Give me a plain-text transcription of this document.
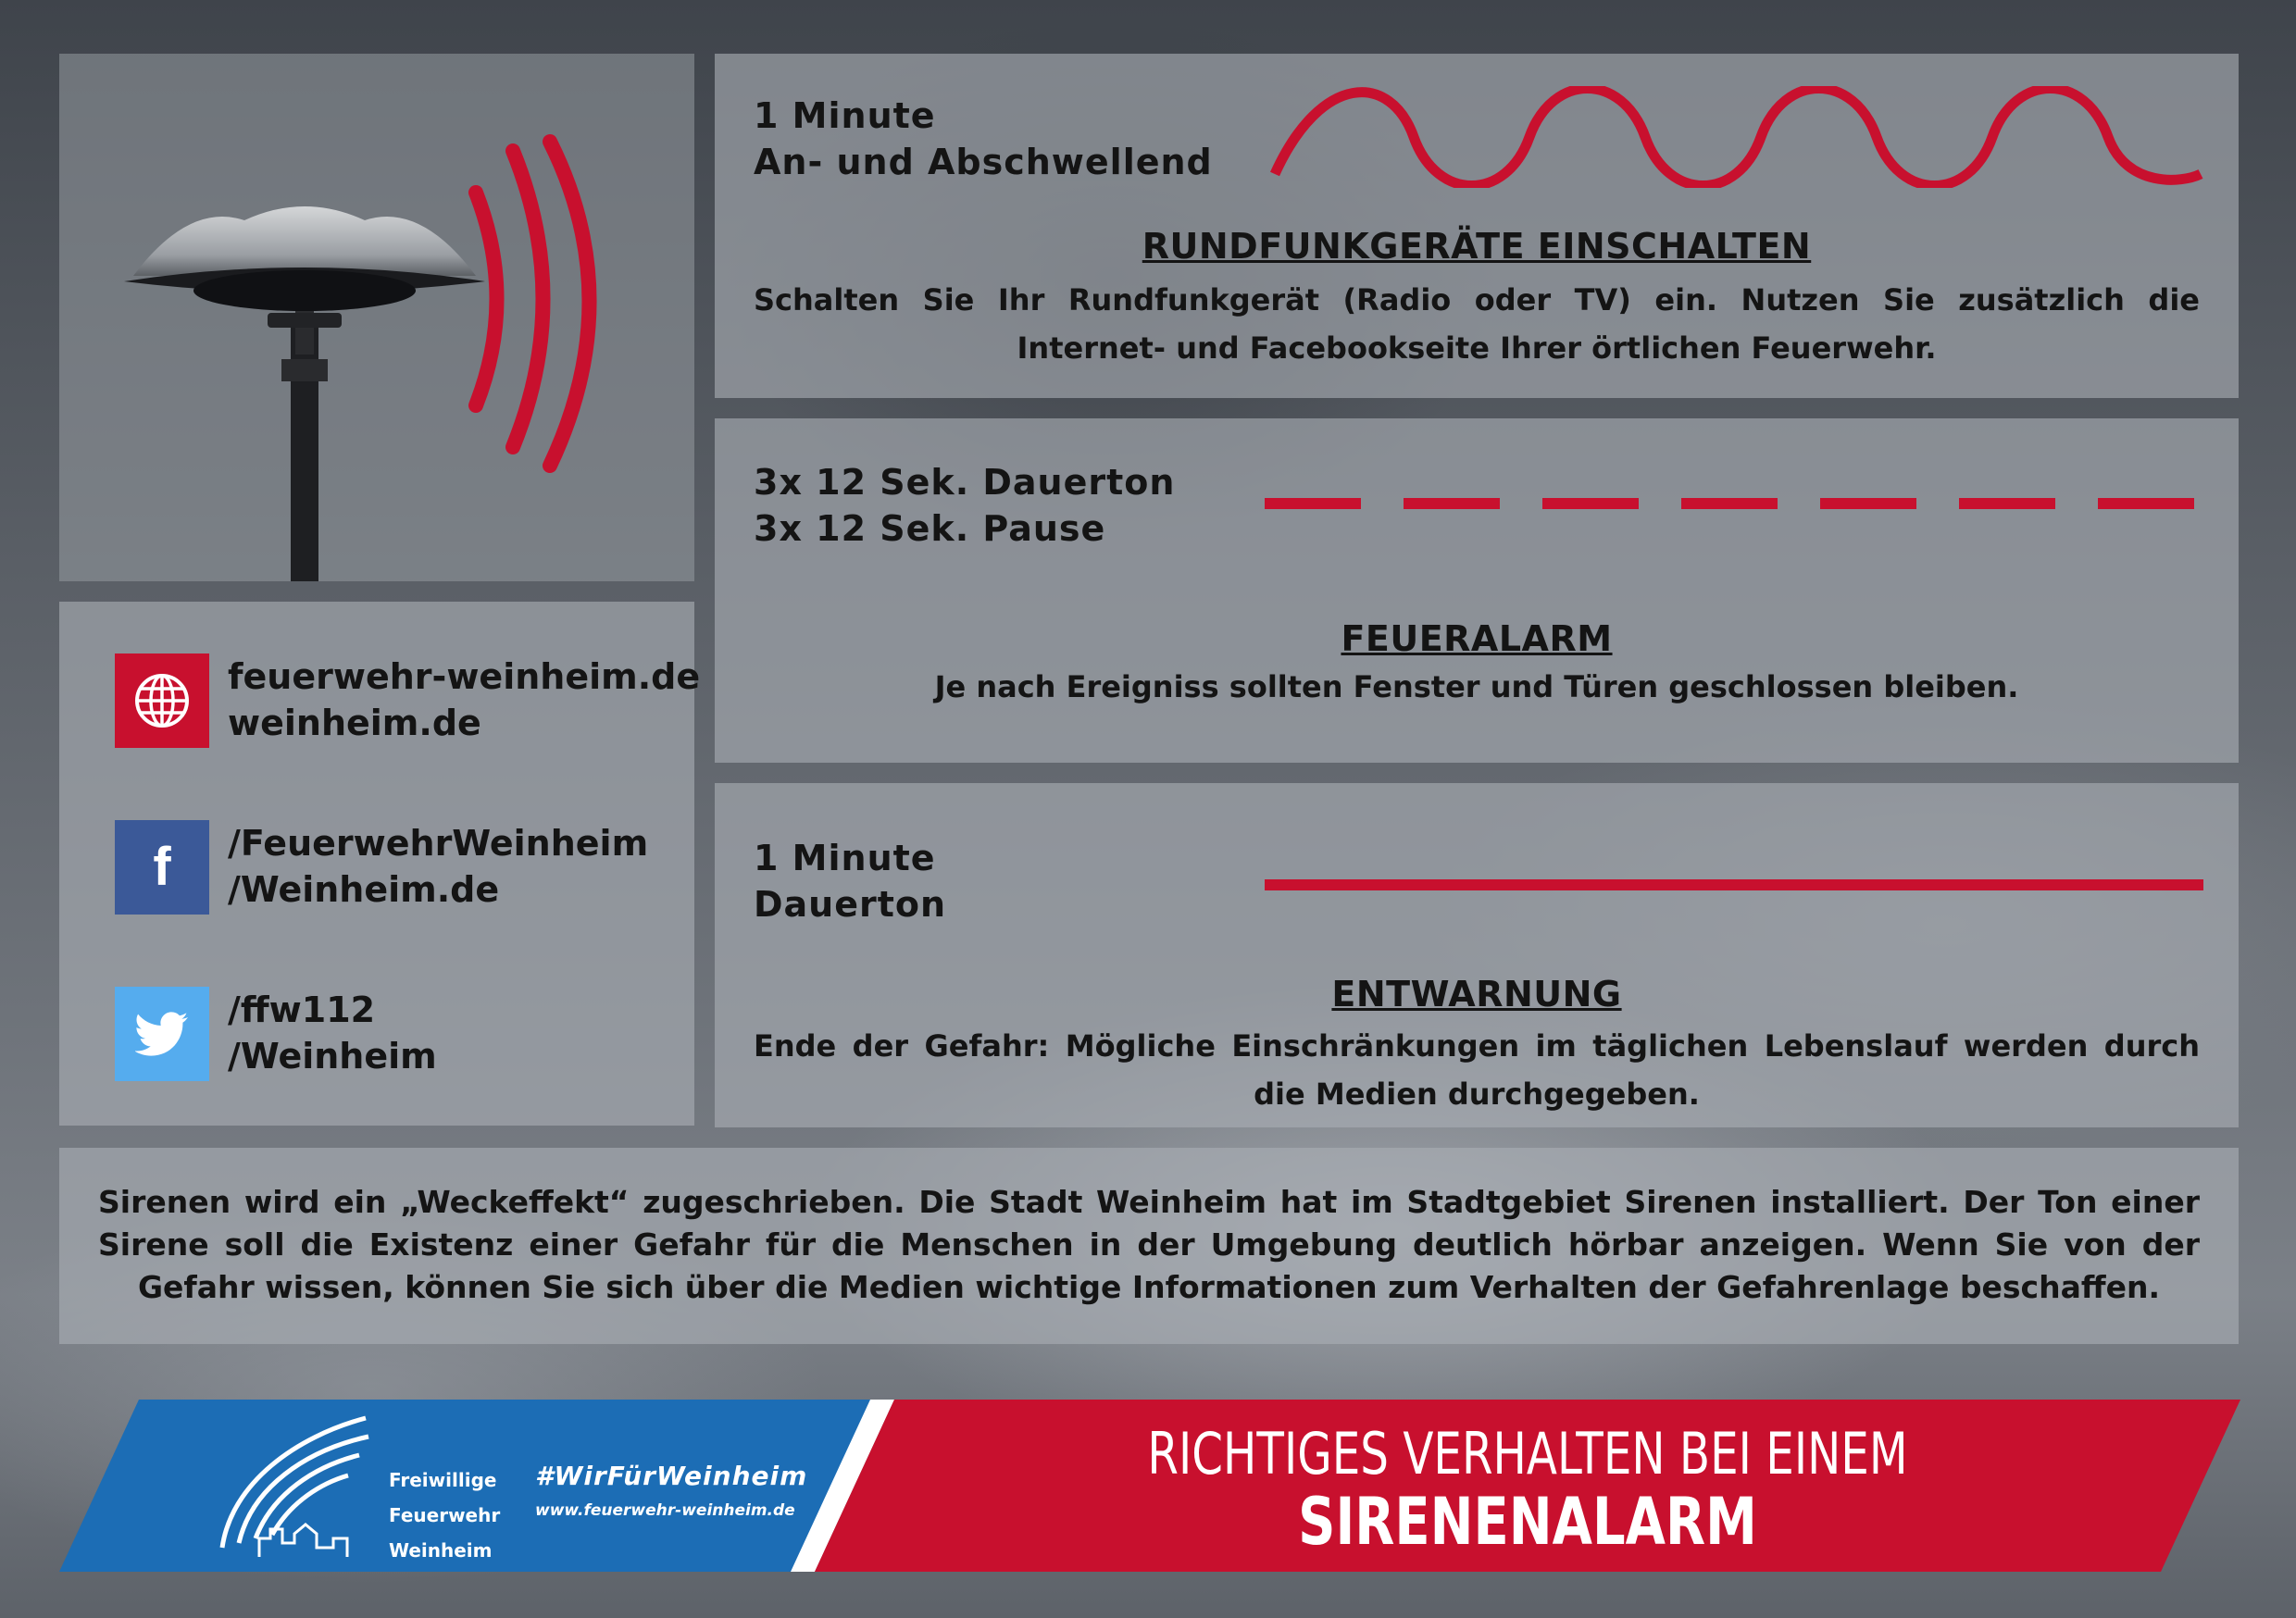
feuerwehr-weinheim.de
weinheim.de
f /FeuerwehrWeinheim
/Weinheim.de
/ffw112
/Weinheim
1 Minute
An- und Abschwellend
RUNDFUNKGERÄTE EINSCHALTEN
Schalten Sie Ihr Rundfunkgerät (Radio oder TV) ein. Nutzen Sie zusätzlich die Internet- und Facebookseite Ihrer örtlichen Feuerwehr.
3x 12 Sek. Dauerton
3x 12 Sek. Pause
FEUERALARM
Je nach Ereigniss sollten Fenster und Türen geschlossen bleiben.
1 Minute
Dauerton
ENTWARNUNG
Ende der Gefahr: Mögliche Einschränkungen im täglichen Lebenslauf werden durch die Medien durchgegeben.
Sirenen wird ein „Weckeffekt“ zugeschrieben. Die Stadt Weinheim hat im Stadtgebiet Sirenen installiert. Der Ton einer Sirene soll die Existenz einer Gefahr für die Menschen in der Umgebung deutlich hörbar anzeigen. Wenn Sie von der Gefahr wissen, können Sie sich über die Medien wichtige Informationen zum Verhalten der Gefahrenlage beschaffen.
Freiwillige
Feuerwehr
Weinheim
#WirFürWeinheim
www.feuerwehr-weinheim.de
RICHTIGES VERHALTEN BEI EINEM
SIRENENALARM
